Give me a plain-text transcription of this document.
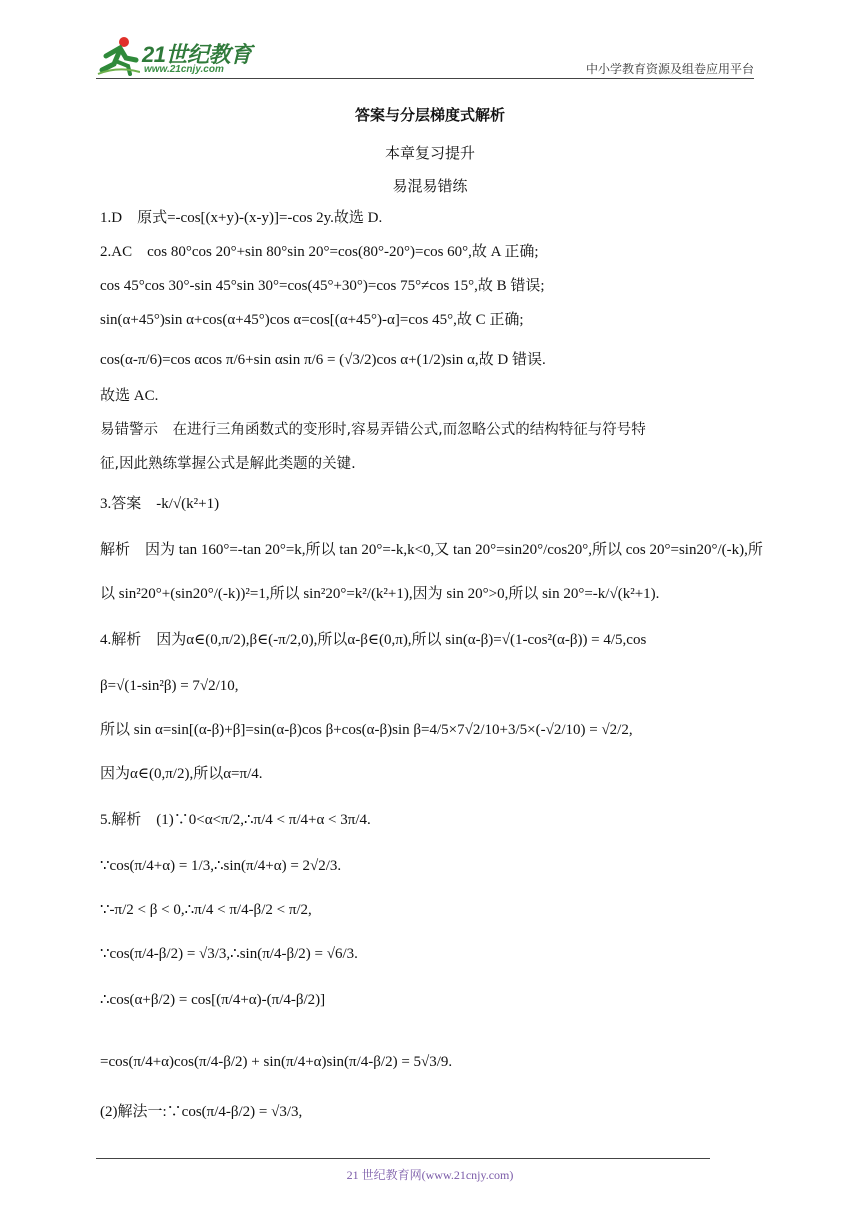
21世纪教育
www.21cnjy.com	中小学教育资源及组卷应用平台
答案与分层梯度式解析
本章复习提升
易混易错练
1.D　原式=-cos[(x+y)-(x-y)]=-cos 2y.故选 D.
2.AC　cos 80°cos 20°+sin 80°sin 20°=cos(80°-20°)=cos 60°,故 A 正确;
cos 45°cos 30°-sin 45°sin 30°=cos(45°+30°)=cos 75°≠cos 15°,故 B 错误;
sin(α+45°)sin α+cos(α+45°)cos α=cos[(α+45°)-α]=cos 45°,故 C 正确;
cos(α-π/6)=cos αcos π/6+sin αsin π/6 = (√3/2)cos α+(1/2)sin α,故 D 错误.
故选 AC.
易错警示　在进行三角函数式的变形时,容易弄错公式,而忽略公式的结构特征与符号特
征,因此熟练掌握公式是解此类题的关键.
3.答案　-k/√(k²+1)
解析　因为 tan 160°=-tan 20°=k,所以 tan 20°=-k,k<0,又 tan 20°=sin20°/cos20°,所以 cos 20°=sin20°/(-k),所
以 sin²20°+(sin20°/(-k))²=1,所以 sin²20°=k²/(k²+1),因为 sin 20°>0,所以 sin 20°=-k/√(k²+1).
4.解析　因为α∈(0,π/2),β∈(-π/2,0),所以α-β∈(0,π),所以 sin(α-β)=√(1-cos²(α-β)) = 4/5,cos
β=√(1-sin²β) = 7√2/10,
所以 sin α=sin[(α-β)+β]=sin(α-β)cos β+cos(α-β)sin β=4/5×7√2/10+3/5×(-√2/10) = √2/2,
因为α∈(0,π/2),所以α=π/4.
5.解析　(1)∵0<α<π/2,∴π/4 < π/4+α < 3π/4.
∵cos(π/4+α) = 1/3,∴sin(π/4+α) = 2√2/3.
∵-π/2 < β < 0,∴π/4 < π/4-β/2 < π/2,
∵cos(π/4-β/2) = √3/3,∴sin(π/4-β/2) = √6/3.
∴cos(α+β/2) = cos[(π/4+α)-(π/4-β/2)]
=cos(π/4+α)cos(π/4-β/2) + sin(π/4+α)sin(π/4-β/2) = 5√3/9.
(2)解法一:∵cos(π/4-β/2) = √3/3,
21 世纪教育网(www.21cnjy.com)
